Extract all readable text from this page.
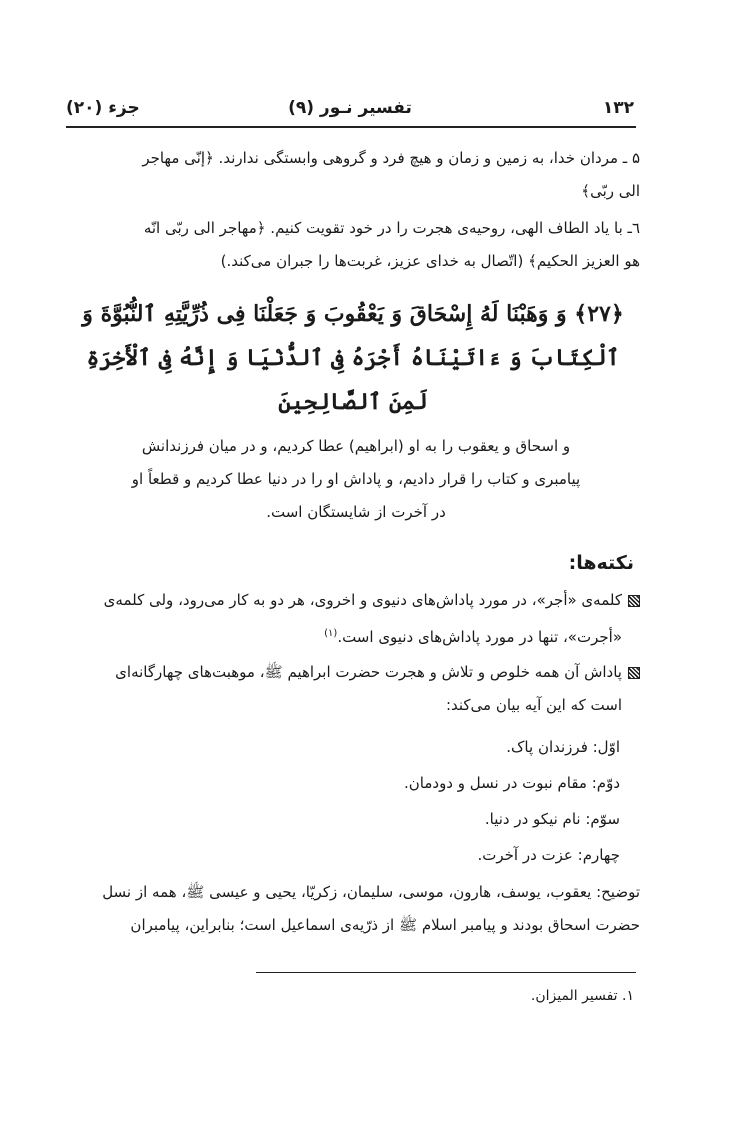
۱۳۲
تفسیر نـور (۹)
جزء (۲۰)
۵ ـ مردان خدا، به زمین و زمان و هیچ فرد و گروهی وابستگی ندارند. ﴿إنّی مهاجر
الی ربّی﴾
٦ـ با یاد الطاف الهی، روحیه‌ی هجرت را در خود تقویت کنیم. ﴿مهاجر الی ربّی انّه
هو العزیز الحکیم﴾ (اتّصال به خدای عزیز، غربت‌ها را جبران می‌کند.)
﴿۲۷﴾ وَ وَهَبْنَا لَهُ إِسْحَاقَ وَ يَعْقُوبَ وَ جَعَلْنَا فِى ذُرِّيَّتِهِ ٱلنُّبُوَّةَ وَ
ٱلْكِتَابَ وَ ءَاتَيْنَاهُ أَجْرَهُ فِى ٱلدُّنْيَا وَ إِنَّهُ فِى ٱلْأَخِرَةِ
لَمِنَ ٱلصَّالِحِينَ
و اسحاق و یعقوب را به او (ابراهیم) عطا کردیم، و در میان فرزندانش
پیامبری و کتاب را قرار دادیم، و پاداش او را در دنیا عطا کردیم و قطعاً او
در آخرت از شایستگان است.
نکته‌ها:
کلمه‌ی «أجر»، در مورد پاداش‌های دنیوی و اخروی، هر دو به کار می‌رود، ولی کلمه‌ی
«أجرت»، تنها در مورد پاداش‌های دنیوی است.$^{(۱)}$
پاداش آن همه خلوص و تلاش و هجرت حضرت ابراهیم ﷺ، موهبت‌های چهارگانه‌ای
است که این آیه بیان می‌کند:
اوّل: فرزندان پاک.
دوّم: مقام نبوت در نسل و دودمان.
سوّم: نام نیکو در دنیا.
چهارم: عزت در آخرت.
توضیح: یعقوب، یوسف، هارون، موسی، سلیمان، زکریّا، یحیی و عیسی ﷺ، همه از نسل
حضرت اسحاق بودند و پیامبر اسلام ﷺ از ذرّیه‌ی اسماعیل است؛ بنابراین، پیامبران
۱. تفسیر المیزان.
